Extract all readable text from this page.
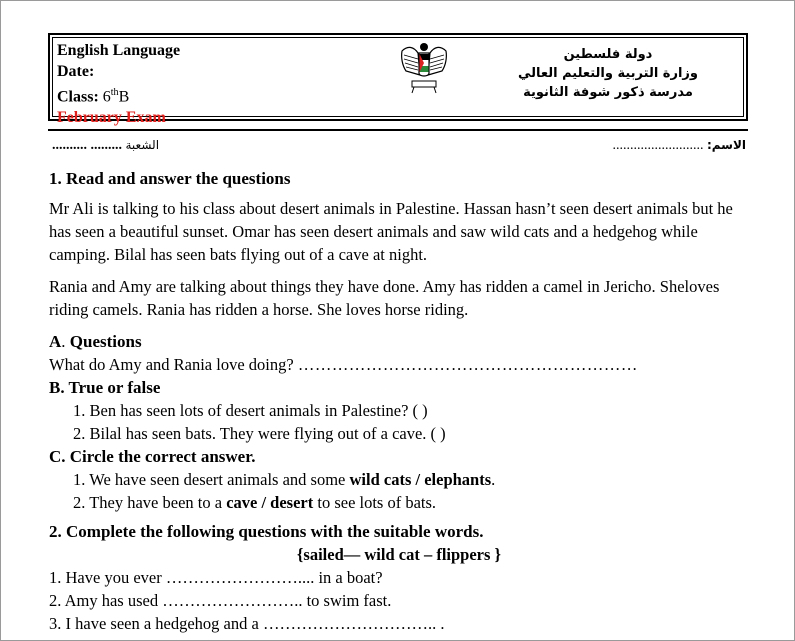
English Language
Date:
Class: 6thB
February Exam
دولة فلسطين
وزارة التربية والتعليم العالي
مدرسة ذكور شوفة الثانوية
الشعبة ......... ..........	الاسم: ..........................

1. Read and answer the questions

Mr Ali is talking to his class about desert animals in Palestine. Hassan hasn’t seen desert animals but he has seen a beautiful sunset. Omar has seen desert animals and saw wild cats and a hedgehog while camping. Bilal has seen bats flying out of a cave at night.

Rania and Amy are talking about things they have done. Amy has ridden a camel in Jericho. Sheloves riding camels. Rania has ridden a horse. She loves horse riding.

A. Questions

What do Amy and Rania love doing? ……………………………………………………

B. True or false

1. Ben has seen lots of desert animals in Palestine? ( )

2. Bilal has seen bats. They were flying out of a cave. ( )

C. Circle the correct answer.

1. We have seen desert animals and some wild cats / elephants.

2. They have been to a cave / desert to see lots of bats.

2. Complete the following questions with the suitable words.

{sailed— wild cat – flippers }

1. Have you ever …………………….... in a boat?

2. Amy has used …………………….. to swim fast.

3. I have seen a hedgehog and a ………………………….. .
